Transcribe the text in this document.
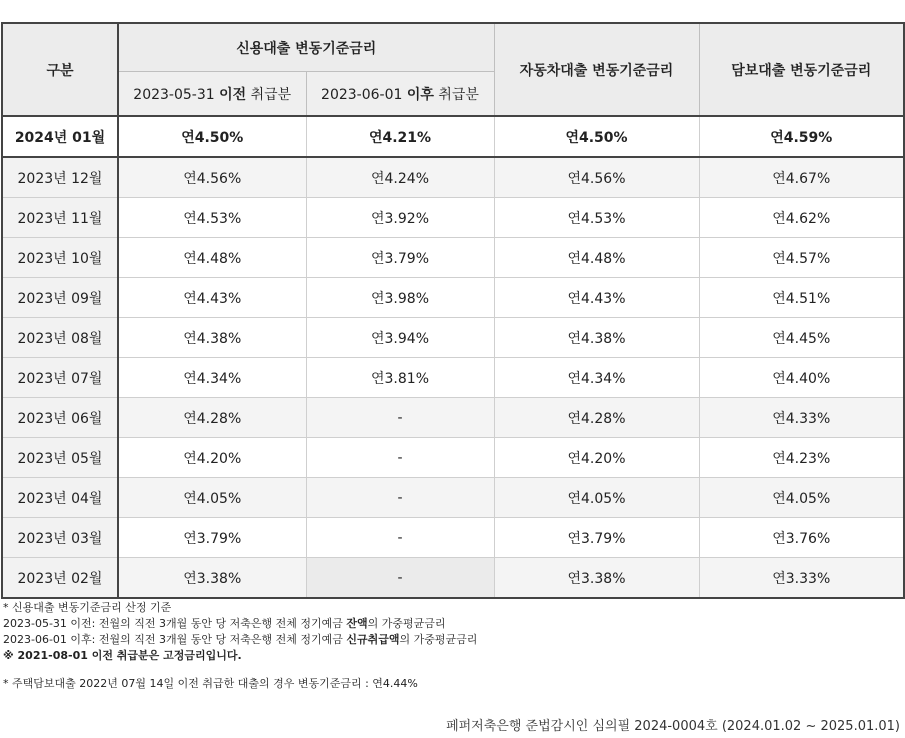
구분	신용대출 변동기준금리		자동차대출 변동기준금리	담보대출 변동기준금리
	2023-05-31 이전 취급분	2023-06-01 이후 취급분		
2024년 01월	연4.50%	연4.21%	연4.50%	연4.59%
2023년 12월	연4.56%	연4.24%	연4.56%	연4.67%
2023년 11월	연4.53%	연3.92%	연4.53%	연4.62%
2023년 10월	연4.48%	연3.79%	연4.48%	연4.57%
2023년 09월	연4.43%	연3.98%	연4.43%	연4.51%
2023년 08월	연4.38%	연3.94%	연4.38%	연4.45%
2023년 07월	연4.34%	연3.81%	연4.34%	연4.40%
2023년 06월	연4.28%	-	연4.28%	연4.33%
2023년 05월	연4.20%	-	연4.20%	연4.23%
2023년 04월	연4.05%	-	연4.05%	연4.05%
2023년 03월	연3.79%	-	연3.79%	연3.76%
2023년 02월	연3.38%	-	연3.38%	연3.33%
* 신용대출 변동기준금리 산정 기준
2023-05-31 이전: 전월의 직전 3개월 동안 당 저축은행 전체 정기예금 잔액의 가중평균금리
2023-06-01 이후: 전월의 직전 3개월 동안 당 저축은행 전체 정기예금 신규취급액의 가중평균금리
※ 2021-08-01 이전 취급분은 고정금리입니다.
* 주택담보대출 2022년 07월 14일 이전 취급한 대출의 경우 변동기준금리 : 연4.44%
페퍼저축은행 준법감시인 심의필 2024-0004호 (2024.01.02 ~ 2025.01.01)
